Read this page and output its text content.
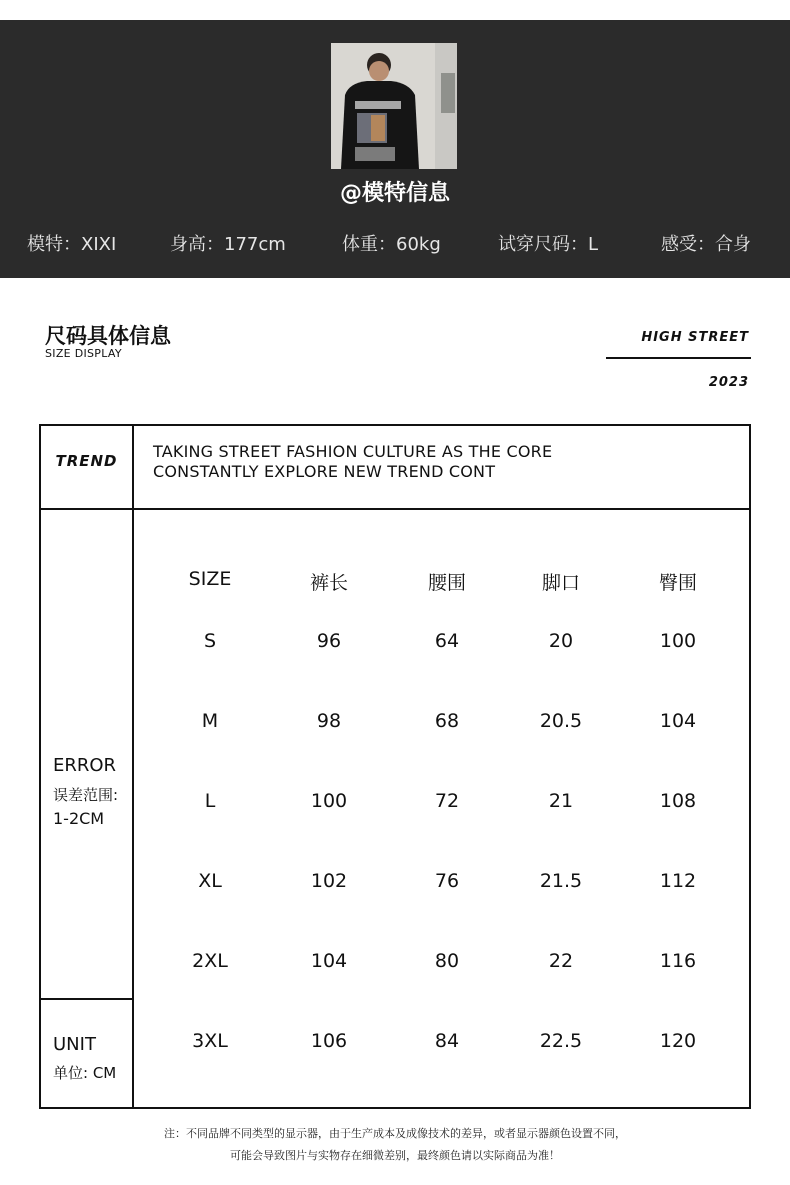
@模特信息
模特：XIXI	身高：177cm	体重：60kg	试穿尺码：L	感受：合身
尺码具体信息
SIZE DISPLAY
HIGH STREET
2023
TREND	TAKING STREET FASHION CULTURE AS THE CORE
CONSTANTLY EXPLORE NEW TREND CONT
ERROR
误差范围:
1-2CM
UNIT
单位: CM
SIZE	裤长	腰围	脚口	臀围
S	96	64	20	100
M	98	68	20.5	104
L	100	72	21	108
XL	102	76	21.5	112
2XL	104	80	22	116
3XL	106	84	22.5	120
注：不同品牌不同类型的显示器，由于生产成本及成像技术的差异，或者显示器颜色设置不同，
可能会导致图片与实物存在细微差别，最终颜色请以实际商品为准！
